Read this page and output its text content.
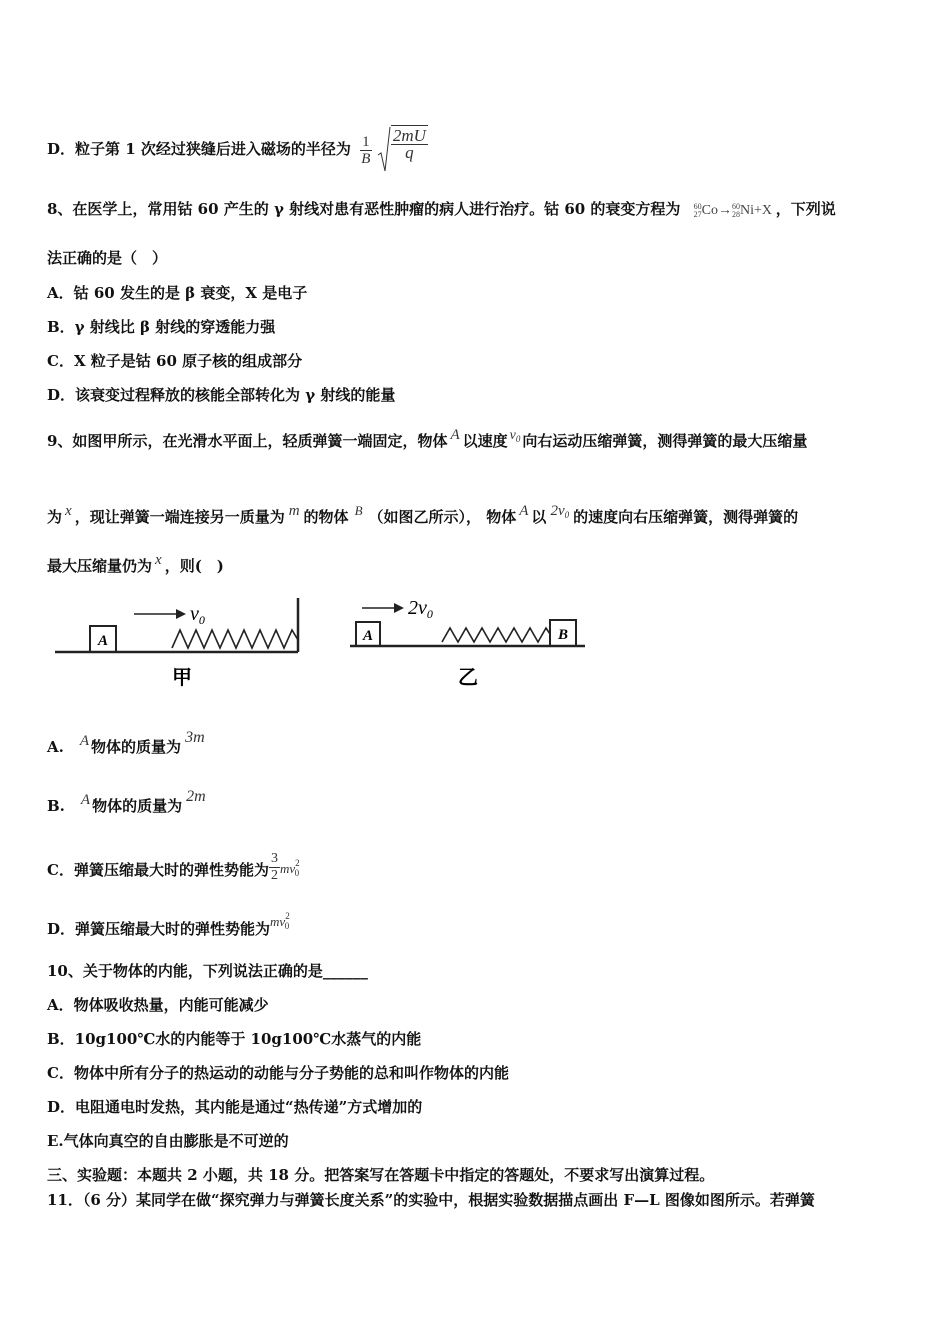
D．粒子第 1 次经过狭缝后进入磁场的半径为 $\frac{1}{B}$
$\frac{2mU}{q}$
8、在医学上，常用钴 60 产生的 γ 射线对患有恶性肿瘤的病人进行治疗。钴 60 的衰变方程为 60
27 Co→ 60
28 Ni+X ，下列说
法正确的是（　）
A．钴 60 发生的是 β 衰变，X 是电子
B．γ 射线比 β 射线的穿透能力强
C．X 粒子是钴 60 原子核的组成部分
D．该衰变过程释放的核能全部转化为 γ 射线的能量
9、如图甲所示，在光滑水平面上，轻质弹簧一端固定，物体 A 以速度 $v_0$ 向右运动压缩弹簧，测得弹簧的最大压缩量
为 x ，现让弹簧一端连接另一质量为 m 的物体 B （如图乙所示）， 物体 A 以 $2v_0$ 的速度向右压缩弹簧，测得弹簧的
最大压缩量仍为 x ，则(　)
A
$v_0$
甲
A	B
$2v_0$
乙
A. A 物体的质量为3m
B. A 物体的质量为2m
C．弹簧压缩最大时的弹性势能为 $\frac{3}{2} mv^2_0$
D．弹簧压缩最大时的弹性势能为$mv^2_0$
10、关于物体的内能，下列说法正确的是______
A．物体吸收热量，内能可能减少
B．10g100℃水的内能等于 10g100℃水蒸气的内能
C．物体中所有分子的热运动的动能与分子势能的总和叫作物体的内能
D．电阻通电时发热，其内能是通过“热传递”方式增加的
E.气体向真空的自由膨胀是不可逆的
三、实验题：本题共 2 小题，共 18 分。把答案写在答题卡中指定的答题处，不要求写出演算过程。
11．（6 分）某同学在做“探究弹力与弹簧长度关系”的实验中，根据实验数据描点画出 F—L 图像如图所示。若弹簧
